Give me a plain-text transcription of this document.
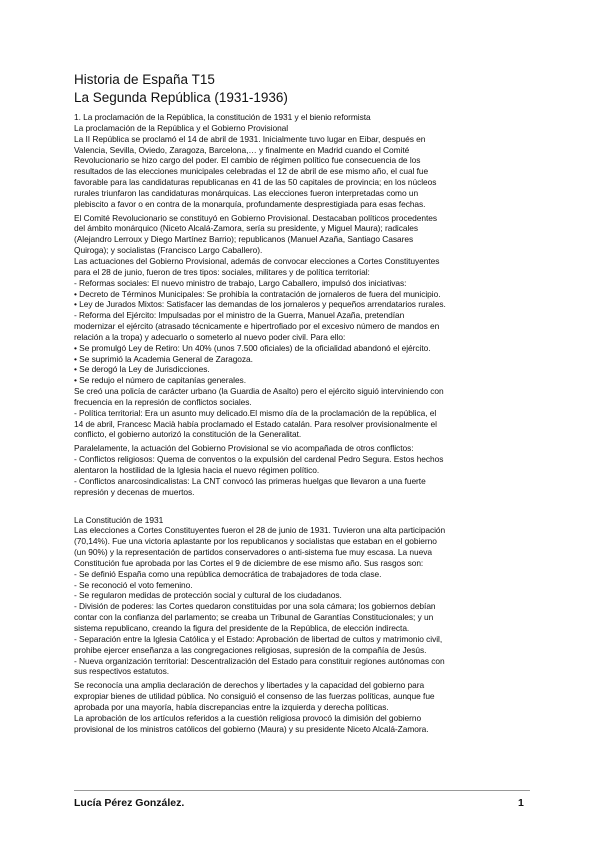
Historia de España T15
La Segunda República (1931-1936)

1. La proclamación de la República, la constitución de 1931 y el bienio reformista
La proclamación de la República y el Gobierno Provisional

La II República se proclamó el 14 de abril de 1931. Inicialmente tuvo lugar en Eibar, después en
Valencia, Sevilla, Oviedo, Zaragoza, Barcelona,… y finalmente en Madrid cuando el Comité
Revolucionario se hizo cargo del poder. El cambio de régimen político fue consecuencia de los
resultados de las elecciones municipales celebradas el 12 de abril de ese mismo año, el cual fue
favorable para las candidaturas republicanas en 41 de las 50 capitales de provincia; en los núcleos
rurales triunfaron las candidaturas monárquicas. Las elecciones fueron interpretadas como un
plebiscito a favor o en contra de la monarquía, profundamente desprestigiada para esas fechas.

El Comité Revolucionario se constituyó en Gobierno Provisional. Destacaban políticos procedentes
del ámbito monárquico (Niceto Alcalá-Zamora, sería su presidente, y Miguel Maura); radicales
(Alejandro Lerroux y Diego Martínez Barrio); republicanos (Manuel Azaña, Santiago Casares
Quiroga); y socialistas (Francisco Largo Caballero).
Las actuaciones del Gobierno Provisional, además de convocar elecciones a Cortes Constituyentes
para el 28 de junio, fueron de tres tipos: sociales, militares y de política territorial:
- Reformas sociales: El nuevo ministro de trabajo, Largo Caballero, impulsó dos iniciativas:
• Decreto de Términos Municipales: Se prohibía la contratación de jornaleros de fuera del municipio.
• Ley de Jurados Mixtos: Satisfacer las demandas de los jornaleros y pequeños arrendatarios rurales.
- Reforma del Ejército: Impulsadas por el ministro de la Guerra, Manuel Azaña, pretendían
modernizar el ejército (atrasado técnicamente e hipertrofiado por el excesivo número de mandos en
relación a la tropa) y adecuarlo o someterlo al nuevo poder civil. Para ello:
• Se promulgó Ley de Retiro: Un 40% (unos 7.500 oficiales) de la oficialidad abandonó el ejército.
• Se suprimió la Academia General de Zaragoza.
• Se derogó la Ley de Jurisdicciones.
• Se redujo el número de capitanías generales.
Se creó una policía de carácter urbano (la Guardia de Asalto) pero el ejército siguió interviniendo con
frecuencia en la represión de conflictos sociales.
- Política territorial: Era un asunto muy delicado.El mismo día de la proclamación de la república, el
14 de abril, Francesc Macià había proclamado el Estado catalán. Para resolver provisionalmente el
conflicto, el gobierno autorizó la constitución de la Generalitat.

Paralelamente, la actuación del Gobierno Provisional se vio acompañada de otros conflictos:
- Conflictos religiosos: Quema de conventos o la expulsión del cardenal Pedro Segura. Estos hechos
alentaron la hostilidad de la Iglesia hacia el nuevo régimen político.
- Conflictos anarcosindicalistas: La CNT convocó las primeras huelgas que llevaron a una fuerte
represión y decenas de muertos.

La Constitución de 1931
Las elecciones a Cortes Constituyentes fueron el 28 de junio de 1931. Tuvieron una alta participación
(70,14%). Fue una victoria aplastante por los republicanos y socialistas que estaban en el gobierno
(un 90%) y la representación de partidos conservadores o anti-sistema fue muy escasa. La nueva
Constitución fue aprobada por las Cortes el 9 de diciembre de ese mismo año. Sus rasgos son:
- Se definió España como una república democrática de trabajadores de toda clase.
- Se reconoció el voto femenino.
- Se regularon medidas de protección social y cultural de los ciudadanos.
- División de poderes: las Cortes quedaron constituidas por una sola cámara; los gobiernos debían
contar con la confianza del parlamento; se creaba un Tribunal de Garantías Constitucionales; y un
sistema republicano, creando la figura del presidente de la República, de elección indirecta.
- Separación entre la Iglesia Católica y el Estado: Aprobación de libertad de cultos y matrimonio civil,
prohibe ejercer enseñanza a las congregaciones religiosas, supresión de la compañía de Jesús.
- Nueva organización territorial: Descentralización del Estado para constituir regiones autónomas con
sus respectivos estatutos.

Se reconocía una amplia declaración de derechos y libertades y la capacidad del gobierno para
expropiar bienes de utilidad pública. No consiguió el consenso de las fuerzas políticas, aunque fue
aprobada por una mayoría, había discrepancias entre la izquierda y derecha políticas.
La aprobación de los artículos referidos a la cuestión religiosa provocó la dimisión del gobierno
provisional de los ministros católicos del gobierno (Maura) y su presidente Niceto Alcalá-Zamora.

Lucía Pérez González.	1
